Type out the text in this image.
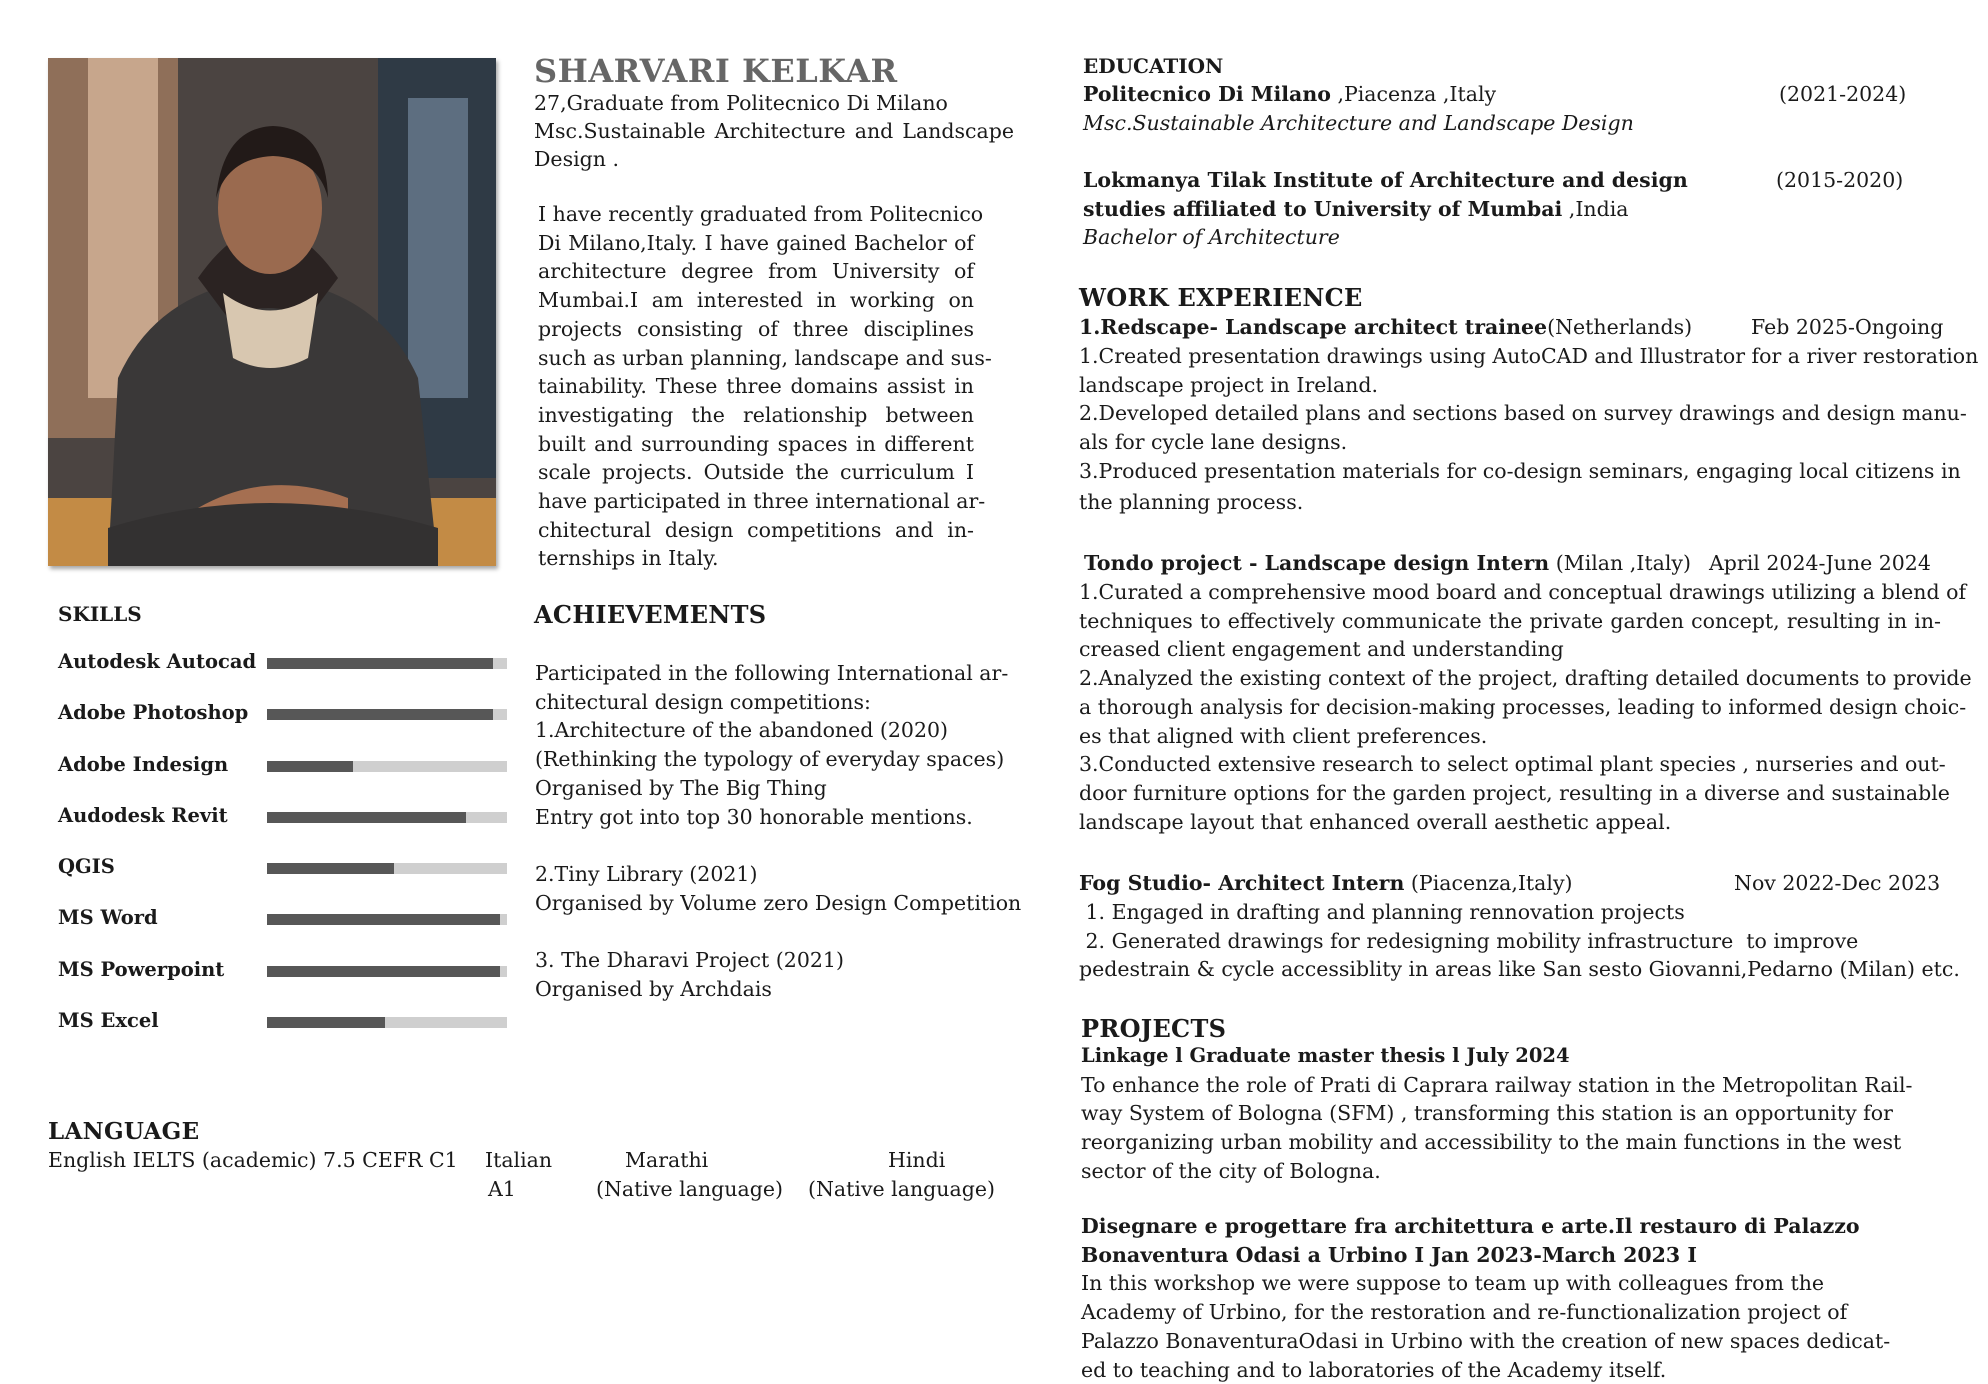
SHARVARI KELKAR
27,Graduate from Politecnico Di Milano
Msc.Sustainable Architecture and Landscape
Design .
I have recently graduated from Politecnico
Di Milano,Italy. I have gained Bachelor of
architecture degree from University of
Mumbai.I am interested in working on
projects consisting of three disciplines
such as urban planning, landscape and sus-
tainability. These three domains assist in
investigating the relationship between
built and surrounding spaces in different
scale projects. Outside the curriculum I
have participated in three international ar-
chitectural design competitions and in-
ternships in Italy.
SKILLS
Autodesk Autocad
Adobe Photoshop
Adobe Indesign
Audodesk Revit
QGIS
MS Word
MS Powerpoint
MS Excel
LANGUAGE
English IELTS (academic) 7.5 CEFR C1 Italian
A1
Marathi
(Native language)
Hindi
(Native language)
ACHIEVEMENTS
Participated in the following International ar-
chitectural design competitions:
1.Architecture of the abandoned (2020)
(Rethinking the typology of everyday spaces)
Organised by The Big Thing
Entry got into top 30 honorable mentions.
2.Tiny Library (2021)
Organised by Volume zero Design Competition
3. The Dharavi Project (2021)
Organised by Archdais
EDUCATION
Politecnico Di Milano ,Piacenza ,Italy
Msc.Sustainable Architecture and Landscape Design
(2021-2024)
Lokmanya Tilak Institute of Architecture and design
studies affiliated to University of Mumbai ,India
Bachelor of Architecture
(2015-2020)
WORK EXPERIENCE
1.Redscape- Landscape architect trainee(Netherlands)	Feb 2025-Ongoing
1.Created presentation drawings using AutoCAD and Illustrator for a river restoration
landscape project in Ireland.
2.Developed detailed plans and sections based on survey drawings and design manu-
als for cycle lane designs.
3.Produced presentation materials for co-design seminars, engaging local citizens in
the planning process.
Tondo project - Landscape design Intern (Milan ,Italy) April 2024-June 2024
1.Curated a comprehensive mood board and conceptual drawings utilizing a blend of
techniques to effectively communicate the private garden concept, resulting in in-
creased client engagement and understanding
2.Analyzed the existing context of the project, drafting detailed documents to provide
a thorough analysis for decision-making processes, leading to informed design choic-
es that aligned with client preferences.
3.Conducted extensive research to select optimal plant species , nurseries and out-
door furniture options for the garden project, resulting in a diverse and sustainable
landscape layout that enhanced overall aesthetic appeal.
Fog Studio- Architect Intern (Piacenza,Italy)	Nov 2022-Dec 2023
1. Engaged in drafting and planning rennovation projects
2. Generated drawings for redesigning mobility infrastructure  to improve
pedestrain & cycle accessiblity in areas like San sesto Giovanni,Pedarno (Milan) etc.
PROJECTS
Linkage l Graduate master thesis l July 2024
To enhance the role of Prati di Caprara railway station in the Metropolitan Rail-
way System of Bologna (SFM) , transforming this station is an opportunity for
reorganizing urban mobility and accessibility to the main functions in the west
sector of the city of Bologna.
Disegnare e progettare fra architettura e arte.Il restauro di Palazzo
Bonaventura Odasi a Urbino I Jan 2023-March 2023 I
In this workshop we were suppose to team up with colleagues from the
Academy of Urbino, for the restoration and re-functionalization project of
Palazzo BonaventuraOdasi in Urbino with the creation of new spaces dedicat-
ed to teaching and to laboratories of the Academy itself.
